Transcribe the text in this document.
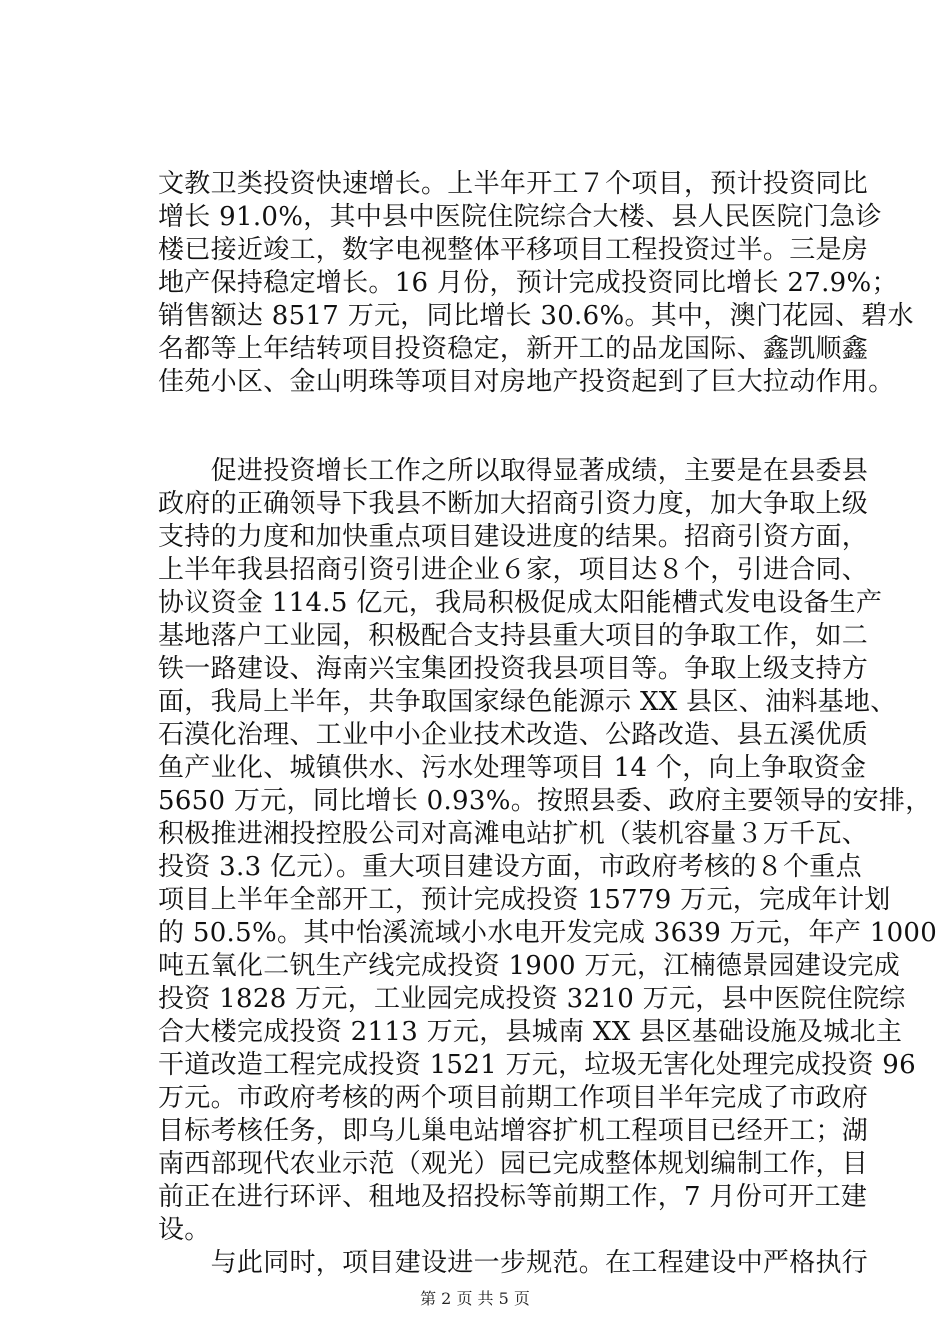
文教卫类投资快速增长。上半年开工７个项目，预计投资同比
增长 91.0%，其中县中医院住院综合大楼、县人民医院门急诊
楼已接近竣工，数字电视整体平移项目工程投资过半。三是房
地产保持稳定增长。16 月份，预计完成投资同比增长 27.9%；
销售额达 8517 万元，同比增长 30.6%。其中，澳门花园、碧水
名都等上年结转项目投资稳定，新开工的品龙国际、鑫凯顺鑫
佳苑小区、金山明珠等项目对房地产投资起到了巨大拉动作用。
　　促进投资增长工作之所以取得显著成绩，主要是在县委县
政府的正确领导下我县不断加大招商引资力度，加大争取上级
支持的力度和加快重点项目建设进度的结果。招商引资方面，
上半年我县招商引资引进企业６家，项目达８个，引进合同、
协议资金 114.5 亿元，我局积极促成太阳能槽式发电设备生产
基地落户工业园，积极配合支持县重大项目的争取工作，如二
铁一路建设、海南兴宝集团投资我县项目等。争取上级支持方
面，我局上半年，共争取国家绿色能源示 XX 县区、油料基地、
石漠化治理、工业中小企业技术改造、公路改造、县五溪优质
鱼产业化、城镇供水、污水处理等项目 14 个，向上争取资金
5650 万元，同比增长 0.93%。按照县委、政府主要领导的安排，
积极推进湘投控股公司对高滩电站扩机（装机容量３万千瓦、
投资 3.3 亿元）。重大项目建设方面，市政府考核的８个重点
项目上半年全部开工，预计完成投资 15779 万元，完成年计划
的 50.5%。其中怡溪流域小水电开发完成 3639 万元，年产 1000
吨五氧化二钒生产线完成投资 1900 万元，江楠德景园建设完成
投资 1828 万元，工业园完成投资 3210 万元，县中医院住院综
合大楼完成投资 2113 万元，县城南 XX 县区基础设施及城北主
干道改造工程完成投资 1521 万元，垃圾无害化处理完成投资 96
万元。市政府考核的两个项目前期工作项目半年完成了市政府
目标考核任务，即乌儿巢电站增容扩机工程项目已经开工；湖
南西部现代农业示范（观光）园已完成整体规划编制工作，目
前正在进行环评、租地及招投标等前期工作，7 月份可开工建
设。
　　与此同时，项目建设进一步规范。在工程建设中严格执行
第 2 页 共 5 页
